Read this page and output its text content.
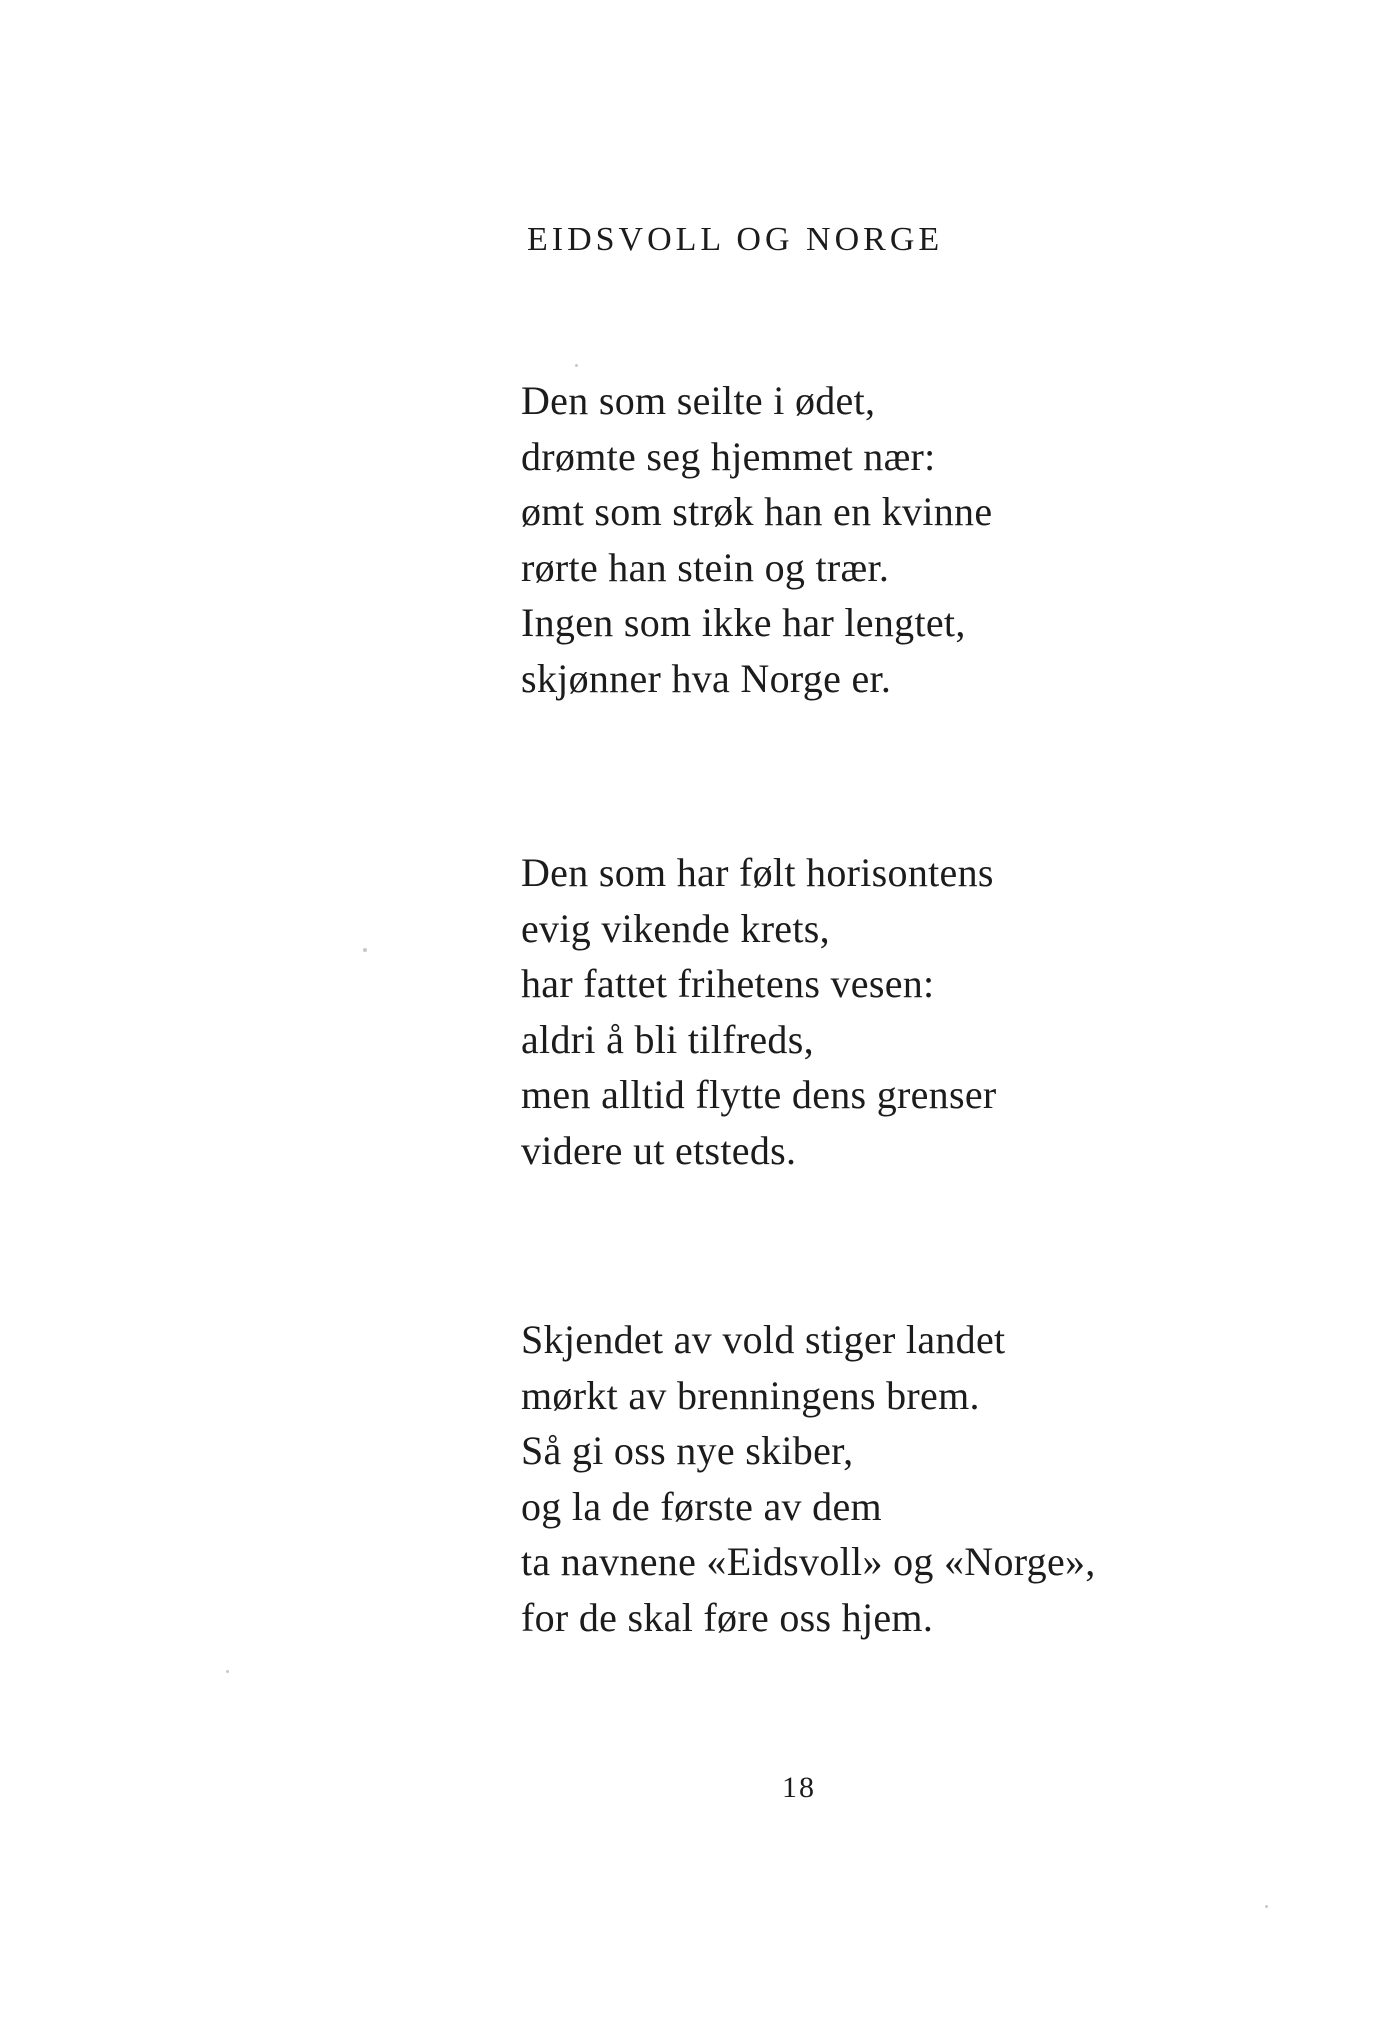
EIDSVOLL OG NORGE
Den som seilte i ødet,
drømte seg hjemmet nær:
ømt som strøk han en kvinne
rørte han stein og trær.
Ingen som ikke har lengtet,
skjønner hva Norge er.
Den som har følt horisontens
evig vikende krets,
har fattet frihetens vesen:
aldri å bli tilfreds,
men alltid flytte dens grenser
videre ut etsteds.
Skjendet av vold stiger landet
mørkt av brenningens brem.
Så gi oss nye skiber,
og la de første av dem
ta navnene «Eidsvoll» og «Norge»,
for de skal føre oss hjem.
18
